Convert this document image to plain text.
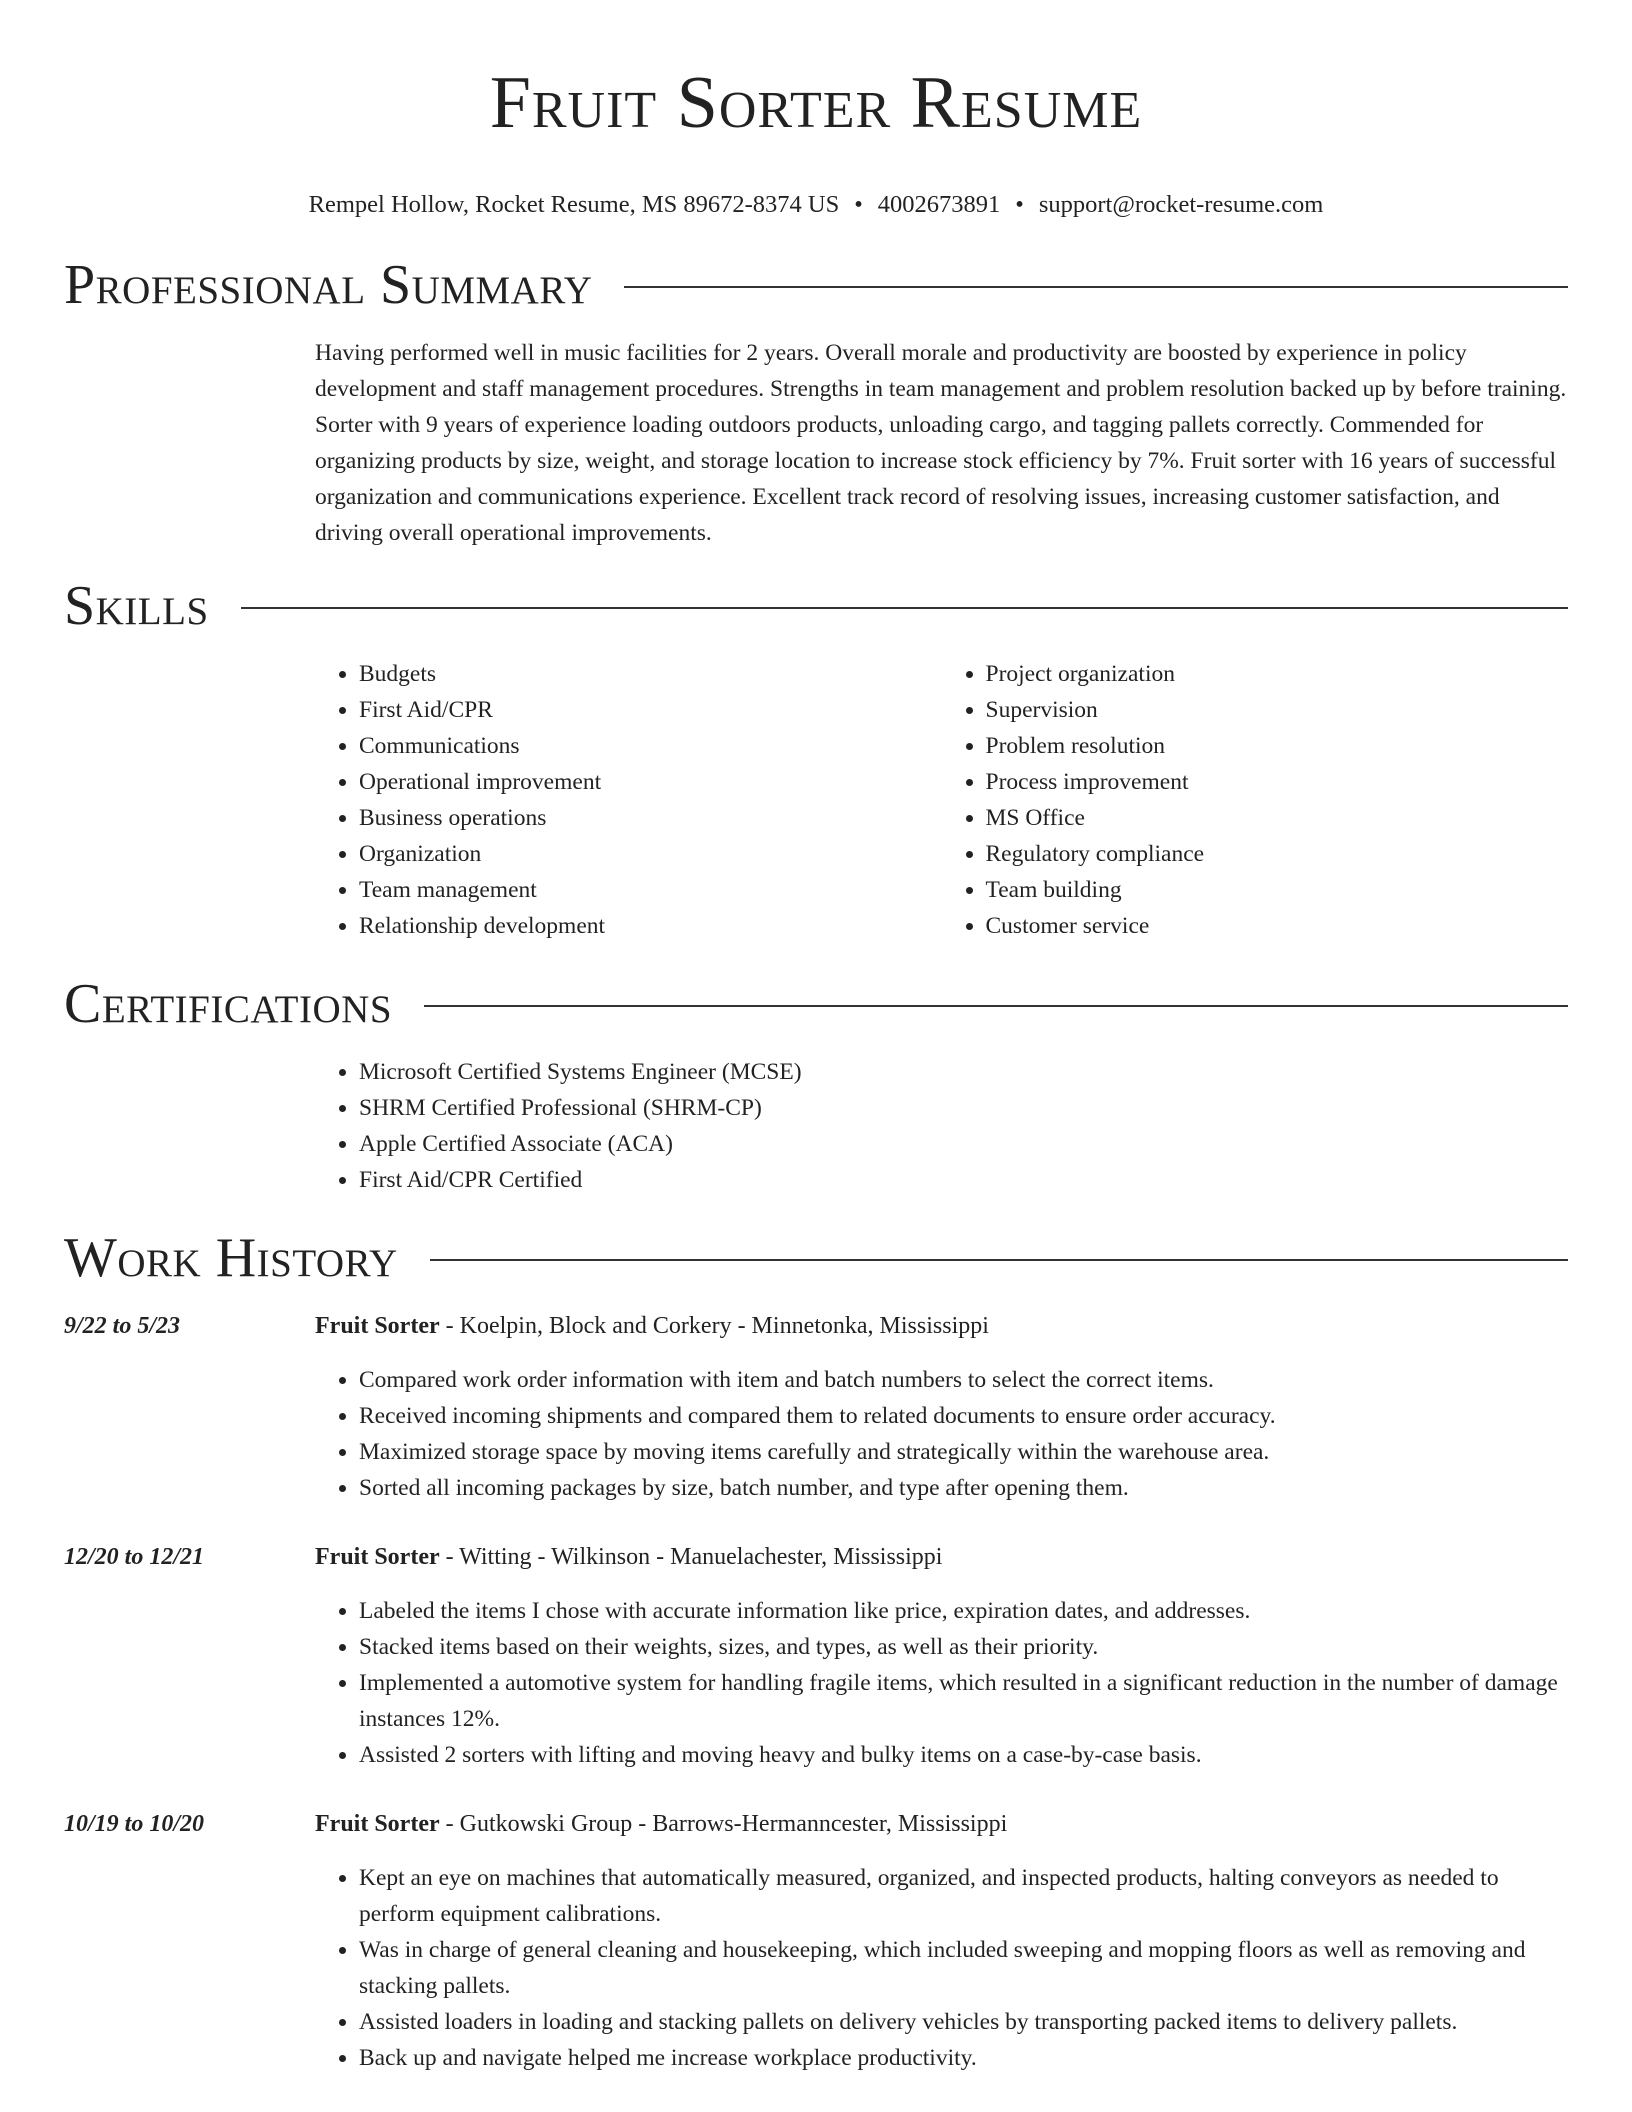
Fruit Sorter Resume
Rempel Hollow, Rocket Resume, MS 89672-8374 US • 4002673891 • support@rocket-resume.com
Professional Summary

Having performed well in music facilities for 2 years. Overall morale and productivity are boosted by experience in policy development and staff management procedures. Strengths in team management and problem resolution backed up by before training. Sorter with 9 years of experience loading outdoors products, unloading cargo, and tagging pallets correctly. Commended for organizing products by size, weight, and storage location to increase stock efficiency by 7%. Fruit sorter with 16 years of successful organization and communications experience. Excellent track record of resolving issues, increasing customer satisfaction, and driving overall operational improvements.

Skills
• Budgets
• First Aid/CPR
• Communications
• Operational improvement
• Business operations
• Organization
• Team management
• Relationship development
• Project organization
• Supervision
• Problem resolution
• Process improvement
• MS Office
• Regulatory compliance
• Team building
• Customer service
Certifications
• Microsoft Certified Systems Engineer (MCSE)
• SHRM Certified Professional (SHRM-CP)
• Apple Certified Associate (ACA)
• First Aid/CPR Certified
Work History
9/22 to 5/23	Fruit Sorter - Koelpin, Block and Corkery - Minnetonka, Mississippi
• Compared work order information with item and batch numbers to select the correct items.
• Received incoming shipments and compared them to related documents to ensure order accuracy.
• Maximized storage space by moving items carefully and strategically within the warehouse area.
• Sorted all incoming packages by size, batch number, and type after opening them.
12/20 to 12/21	Fruit Sorter - Witting - Wilkinson - Manuelachester, Mississippi
• Labeled the items I chose with accurate information like price, expiration dates, and addresses.
• Stacked items based on their weights, sizes, and types, as well as their priority.
• Implemented a automotive system for handling fragile items, which resulted in a significant reduction in the number of damage instances 12%.
• Assisted 2 sorters with lifting and moving heavy and bulky items on a case-by-case basis.
10/19 to 10/20	Fruit Sorter - Gutkowski Group - Barrows-Hermanncester, Mississippi
• Kept an eye on machines that automatically measured, organized, and inspected products, halting conveyors as needed to perform equipment calibrations.
• Was in charge of general cleaning and housekeeping, which included sweeping and mopping floors as well as removing and stacking pallets.
• Assisted loaders in loading and stacking pallets on delivery vehicles by transporting packed items to delivery pallets.
• Back up and navigate helped me increase workplace productivity.
